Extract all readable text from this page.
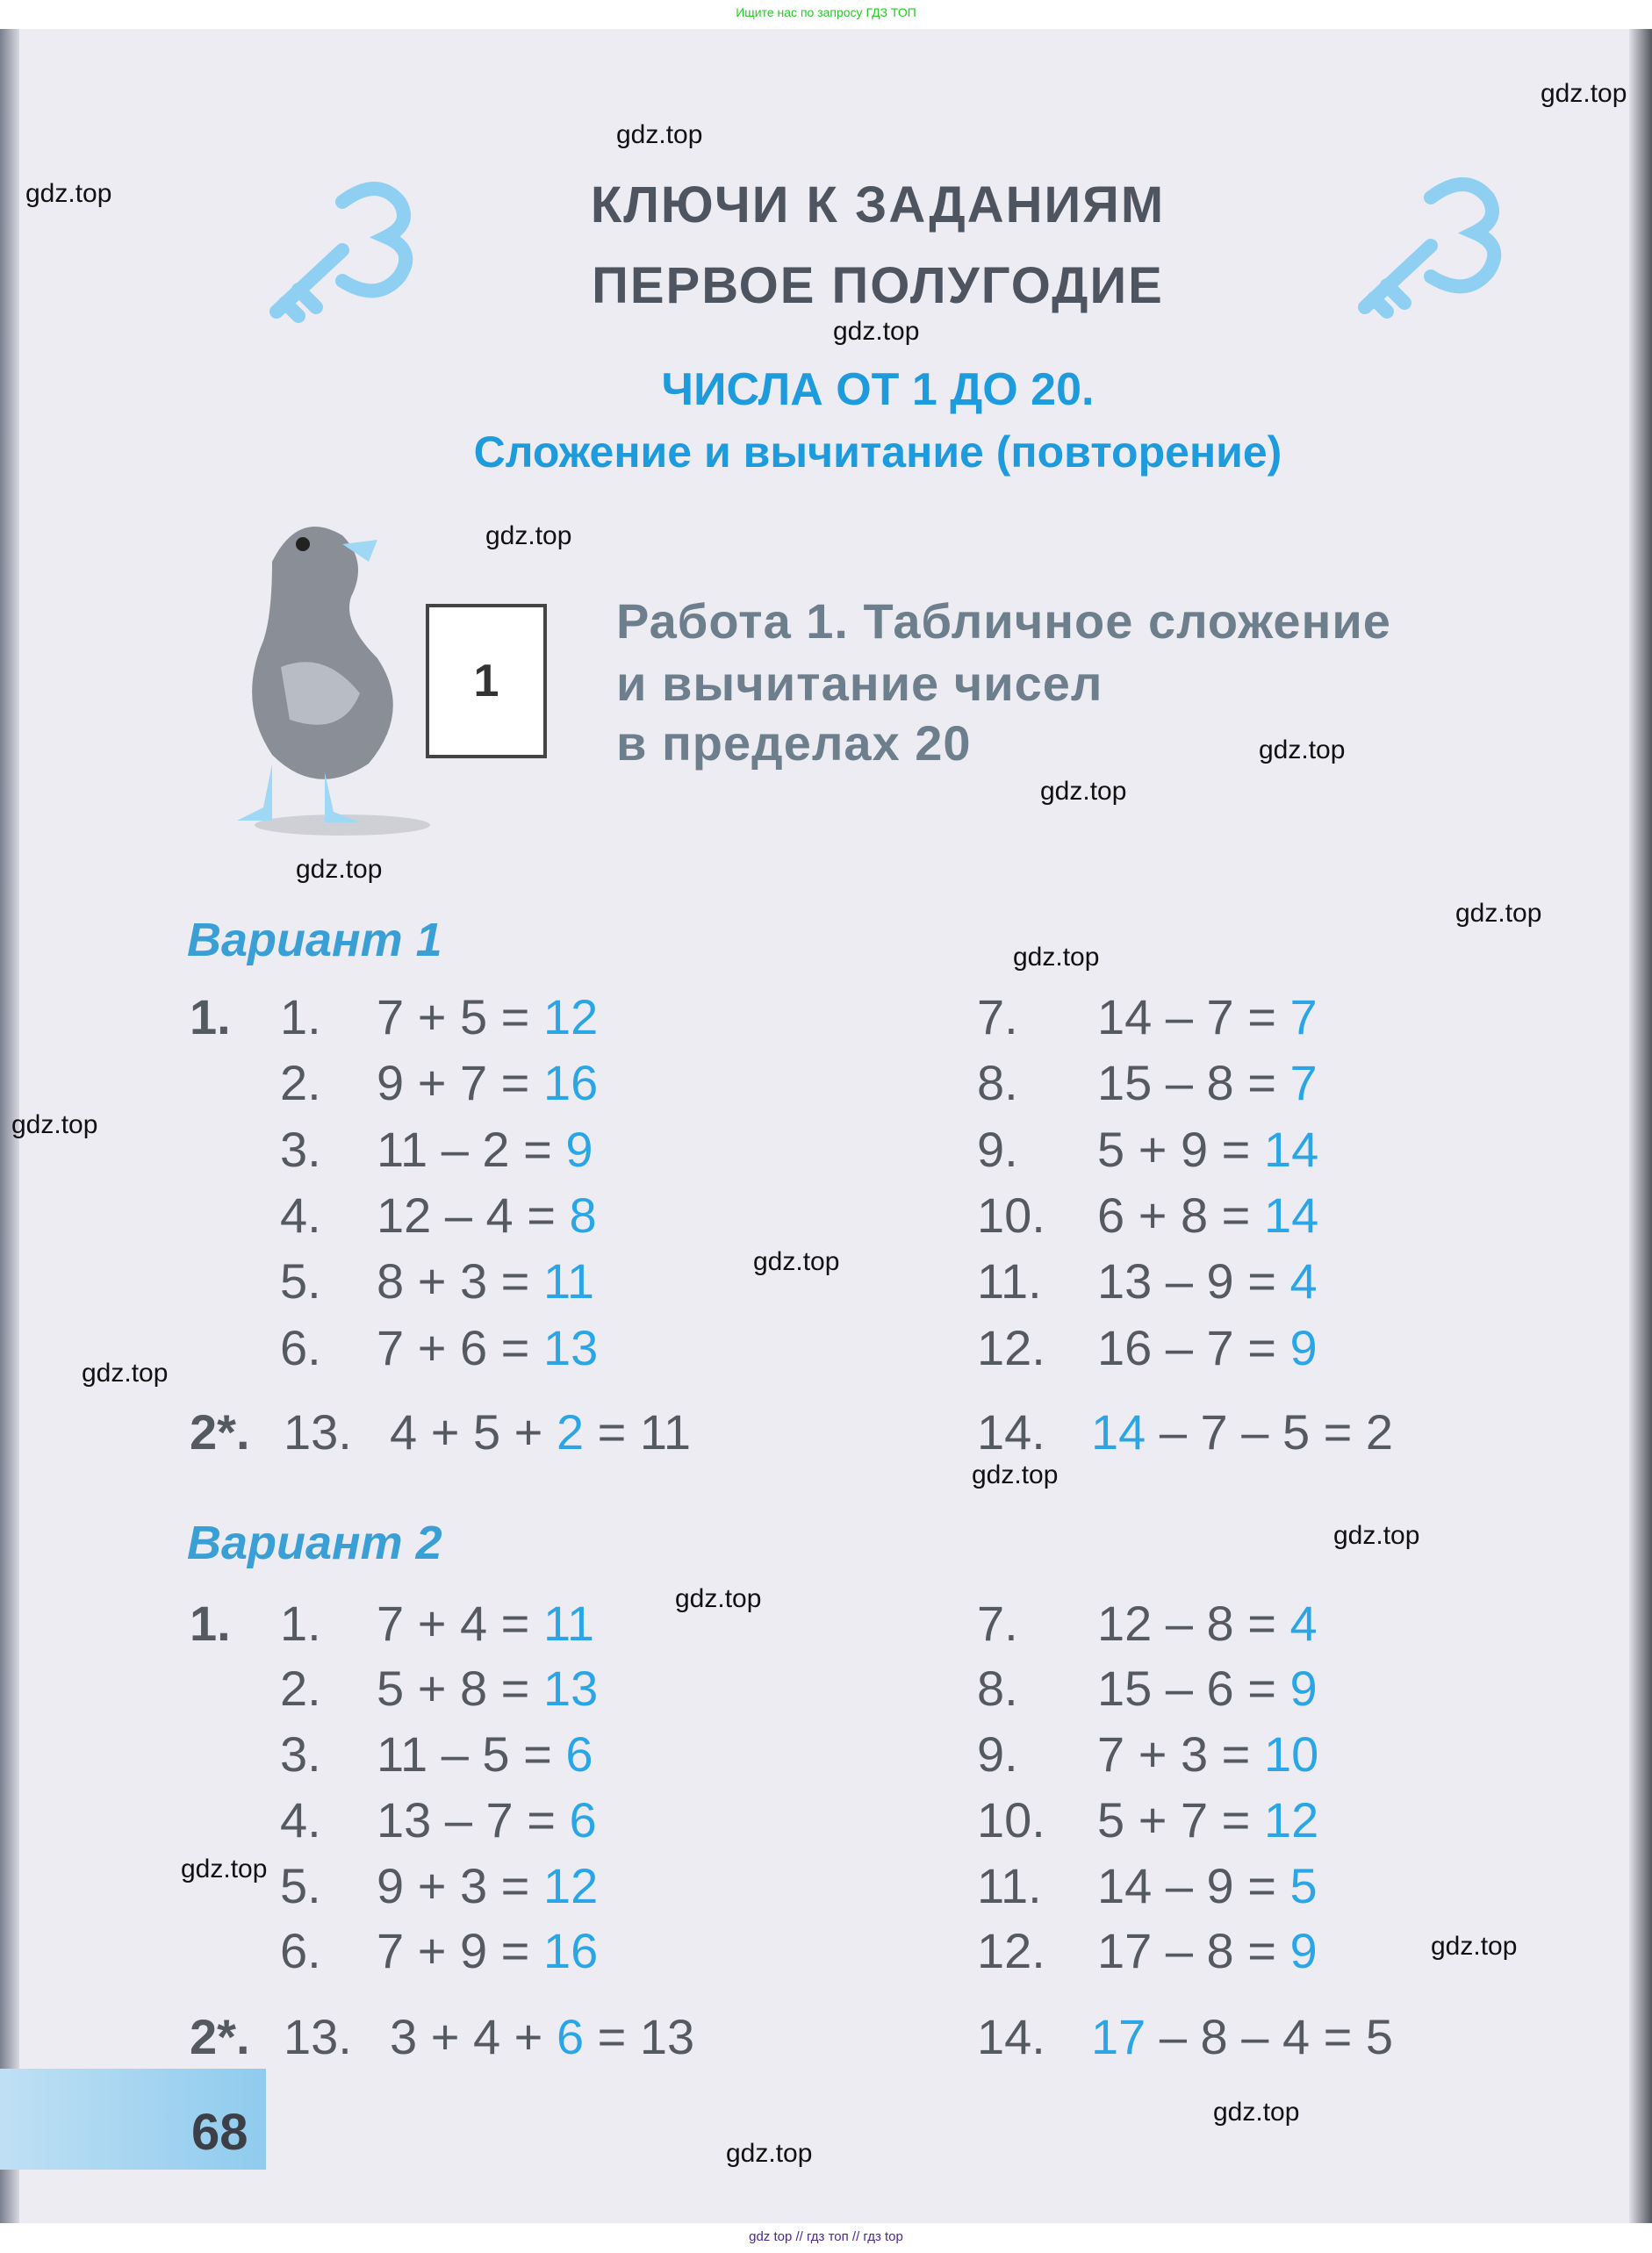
Ищите нас по запросу ГДЗ ТОП
gdz top // гдз топ // гдз top
КЛЮЧИ К ЗАДАНИЯМ
ПЕРВОЕ ПОЛУГОДИЕ
ЧИСЛА ОТ 1 ДО 20.
Сложение и вычитание (повторение)
1
Работа 1. Табличное сложение
и вычитание чисел
в пределах 20
Вариант 1
1. 1. 7 + 5 = 12
2. 9 + 7 = 16
3. 11 – 2 = 9
4. 12 – 4 = 8
5. 8 + 3 = 11
6. 7 + 6 = 13
7. 14 – 7 = 7
8. 15 – 8 = 7
9. 5 + 9 = 14
10. 6 + 8 = 14
11. 13 – 9 = 4
12. 16 – 7 = 9
2*. 13. 4 + 5 + 2 = 11	14. 14 – 7 – 5 = 2
Вариант 2
1. 1. 7 + 4 = 11
2. 5 + 8 = 13
3. 11 – 5 = 6
4. 13 – 7 = 6
5. 9 + 3 = 12
6. 7 + 9 = 16
7. 12 – 8 = 4
8. 15 – 6 = 9
9. 7 + 3 = 10
10. 5 + 7 = 12
11. 14 – 9 = 5
12. 17 – 8 = 9
2*. 13. 3 + 4 + 6 = 13	14. 17 – 8 – 4 = 5
68
gdz.top
gdz.top
gdz.top
gdz.top
gdz.top
gdz.top
gdz.top
gdz.top
gdz.top
gdz.top
gdz.top
gdz.top
gdz.top
gdz.top
gdz.top
gdz.top
gdz.top
gdz.top
gdz.top
gdz.top
